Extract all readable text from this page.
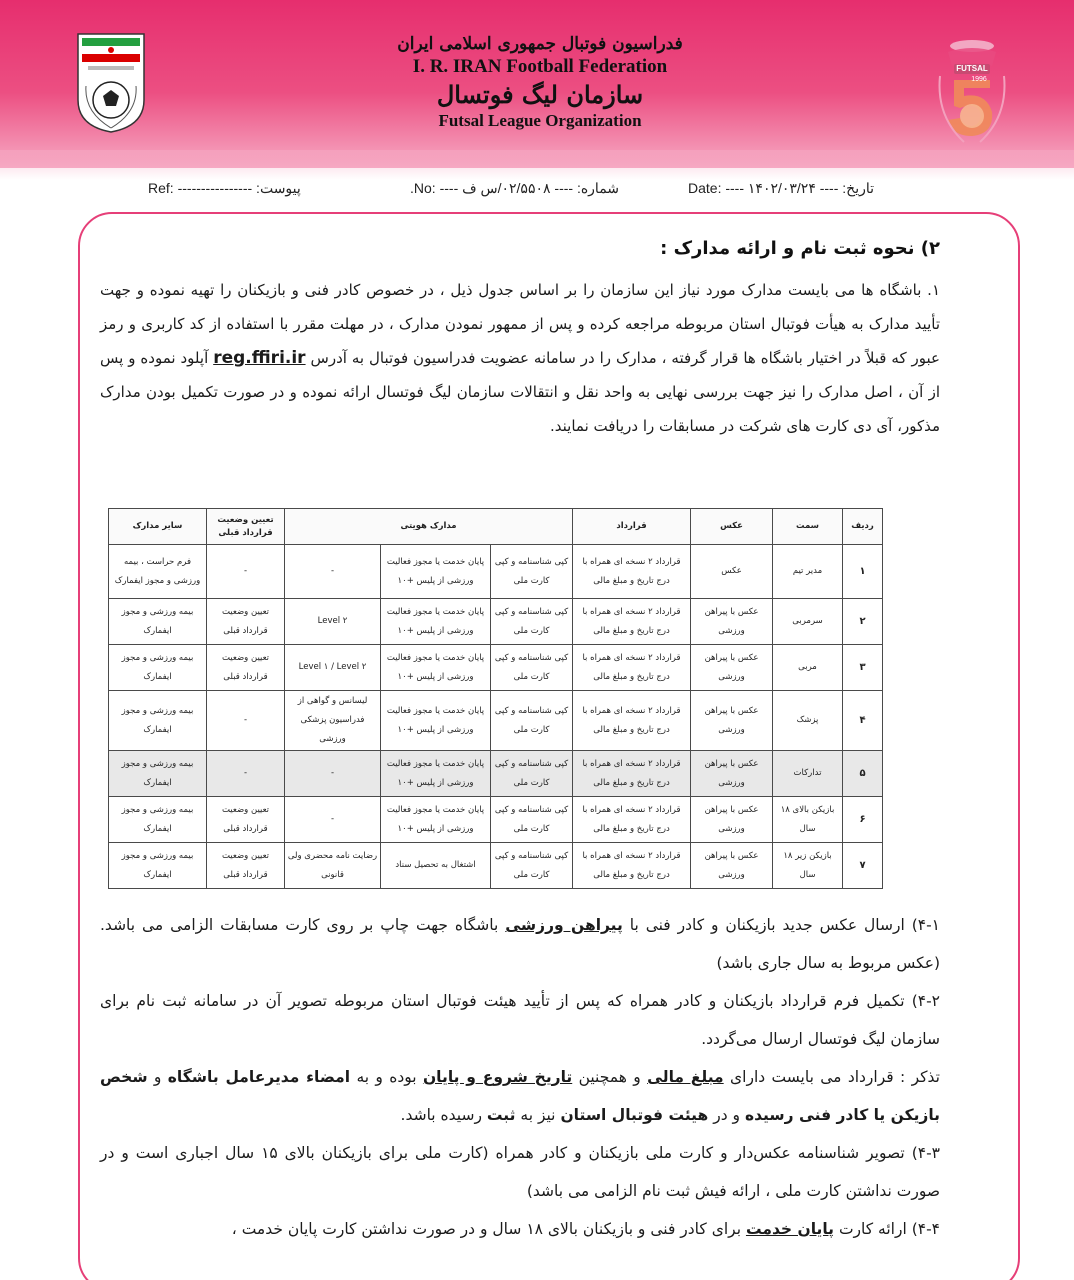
FUTSAL
1996
فدراسیون فوتبال جمهوری اسلامی ایران
I. R. IRAN Football Federation
سازمان لیگ فوتسال
Futsal League Organization
تاریخ: ---- ۱۴۰۲/۰۳/۲۴ ---- :Date
شماره: ---- ۰۲/۵۵۰۸/س ف ---- :No.
پیوست: ---------------- :Ref
۲) نحوه ثبت نام و ارائه مدارک :
۱. باشگاه ها می بایست مدارک مورد نیاز این سازمان را بر اساس جدول ذیل ، در خصوص کادر فنی و بازیکنان را تهیه نموده و جهت تأیید مدارک به هیأت فوتبال استان مربوطه مراجعه کرده و پس از ممهور نمودن مدارک ، در مهلت مقرر با استفاده از کد کاربری و رمز عبور که قبلاً در اختیار باشگاه ها قرار گرفته ، مدارک را در سامانه عضویت فدراسیون فوتبال به آدرس reg.ffiri.ir آپلود نموده و پس از آن ، اصل مدارک را نیز جهت بررسی نهایی به واحد نقل و انتقالات سازمان لیگ فوتسال ارائه نموده و در صورت تکمیل بودن مدارک مذکور، آی دی کارت های شرکت در مسابقات را دریافت نمایند.
ردیف	سمت	عکس	قرارداد	مدارک هویتی			تعیین وضعیت قرارداد قبلی	سایر مدارک
۱	مدیر تیم	عکس	قرارداد ۲ نسخه ای همراه با درج تاریخ و مبلغ مالی	کپی شناسنامه و کپی کارت ملی	پایان خدمت یا مجوز فعالیت ورزشی از پلیس +۱۰	-	-	فرم حراست ، بیمه ورزشی و مجوز ایفمارک
۲	سرمربی	عکس با پیراهن ورزشی	قرارداد ۲ نسخه ای همراه با درج تاریخ و مبلغ مالی	کپی شناسنامه و کپی کارت ملی	پایان خدمت یا مجوز فعالیت ورزشی از پلیس +۱۰	Level ۲	تعیین وضعیت قرارداد قبلی	بیمه ورزشی و مجوز ایفمارک
۳	مربی	عکس با پیراهن ورزشی	قرارداد ۲ نسخه ای همراه با درج تاریخ و مبلغ مالی	کپی شناسنامه و کپی کارت ملی	پایان خدمت یا مجوز فعالیت ورزشی از پلیس +۱۰	Level ۱ / Level ۲	تعیین وضعیت قرارداد قبلی	بیمه ورزشی و مجوز ایفمارک
۴	پزشک	عکس با پیراهن ورزشی	قرارداد ۲ نسخه ای همراه با درج تاریخ و مبلغ مالی	کپی شناسنامه و کپی کارت ملی	پایان خدمت یا مجوز فعالیت ورزشی از پلیس +۱۰	لیسانس و گواهی از فدراسیون پزشکی ورزشی	-	بیمه ورزشی و مجوز ایفمارک
۵	تدارکات	عکس با پیراهن ورزشی	قرارداد ۲ نسخه ای همراه با درج تاریخ و مبلغ مالی	کپی شناسنامه و کپی کارت ملی	پایان خدمت یا مجوز فعالیت ورزشی از پلیس +۱۰	-	-	بیمه ورزشی و مجوز ایفمارک
۶	بازیکن بالای ۱۸ سال	عکس با پیراهن ورزشی	قرارداد ۲ نسخه ای همراه با درج تاریخ و مبلغ مالی	کپی شناسنامه و کپی کارت ملی	پایان خدمت یا مجوز فعالیت ورزشی از پلیس +۱۰	-	تعیین وضعیت قرارداد قبلی	بیمه ورزشی و مجوز ایفمارک
۷	بازیکن زیر ۱۸ سال	عکس با پیراهن ورزشی	قرارداد ۲ نسخه ای همراه با درج تاریخ و مبلغ مالی	کپی شناسنامه و کپی کارت ملی	اشتغال به تحصیل سناد	رضایت نامه محضری ولی قانونی	تعیین وضعیت قرارداد قبلی	بیمه ورزشی و مجوز ایفمارک

۴-۱) ارسال عکس جدید بازیکنان و کادر فنی با پیراهن ورزشی باشگاه جهت چاپ بر روی کارت مسابقات الزامی می باشد. (عکس مربوط به سال جاری باشد)

۴-۲) تکمیل فرم قرارداد بازیکنان و کادر همراه که پس از تأیید هیئت فوتبال استان مربوطه تصویر آن در سامانه ثبت نام برای سازمان لیگ فوتسال ارسال می‌گردد.

تذکر : قرارداد می بایست دارای مبلغ مالی و همچنین تاریخ شروع و پایان بوده و به امضاء مدیرعامل باشگاه و شخص بازیکن یا کادر فنی رسیده و در هیئت فوتبال استان نیز به ثبت رسیده باشد.

۴-۳) تصویر شناسنامه عکس‌دار و کارت ملی بازیکنان و کادر همراه (کارت ملی برای بازیکنان بالای ۱۵ سال اجباری است و در صورت نداشتن کارت ملی ، ارائه فیش ثبت نام الزامی می باشد)

۴-۴) ارائه کارت پایان خدمت برای کادر فنی و بازیکنان بالای ۱۸ سال و در صورت نداشتن کارت پایان خدمت ،
